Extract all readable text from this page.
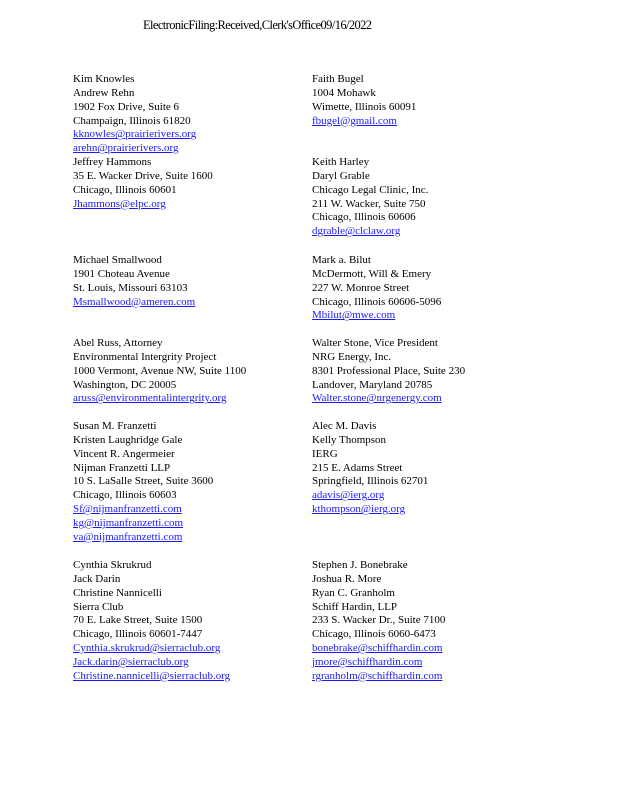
ElectronicFiling:Received,Clerk'sOffice09/16/2022
Kim Knowles
Andrew Rehn
1902 Fox Drive, Suite 6
Champaign, Illinois 61820
kknowles@prairierivers.org
arehn@prairierivers.org
Faith Bugel
1004 Mohawk
Wimette, Illinois 60091
fbugel@gmail.com
Jeffrey Hammons
35 E. Wacker Drive, Suite 1600
Chicago, Illinois 60601
Jhammons@elpc.org
Keith Harley
Daryl Grable
Chicago Legal Clinic, Inc.
211 W. Wacker, Suite 750
Chicago, Illinois 60606
dgrable@clclaw.org
Michael Smallwood
1901 Choteau Avenue
St. Louis, Missouri 63103
Msmallwood@ameren.com
Mark a. Bilut
McDermott, Will & Emery
227 W. Monroe Street
Chicago, Illinois 60606-5096
Mbilut@mwe.com
Abel Russ, Attorney
Environmental Intergrity Project
1000 Vermont, Avenue NW, Suite 1100
Washington, DC 20005
aruss@environmentalintergrity.org
Walter Stone, Vice President
NRG Energy, Inc.
8301 Professional Place, Suite 230
Landover, Maryland 20785
Walter.stone@nrgenergy.com
Susan M. Franzetti
Kristen Laughridge Gale
Vincent R. Angermeier
Nijman Franzetti LLP
10 S. LaSalle Street, Suite 3600
Chicago, Illinois 60603
Sf@nijmanfranzetti.com
kg@nijmanfranzetti.com
va@nijmanfranzetti.com
Alec M. Davis
Kelly Thompson
IERG
215 E. Adams Street
Springfield, Illinois 62701
adavis@ierg.org
kthompson@ierg.org
Cynthia Skrukrud
Jack Darin
Christine Nannicelli
Sierra Club
70 E. Lake Street, Suite 1500
Chicago, Illinois 60601-7447
Cynthia.skrukrud@sierraclub.org
Jack.darin@sierraclub.org
Christine.nannicelli@sierraclub.org
Stephen J. Bonebrake
Joshua R. More
Ryan C. Granholm
Schiff Hardin, LLP
233 S. Wacker Dr., Suite 7100
Chicago, Illinois 6060-6473
bonebrake@schiffhardin.com
jmore@schiffhardin.com
rgranholm@schiffhardin.com
